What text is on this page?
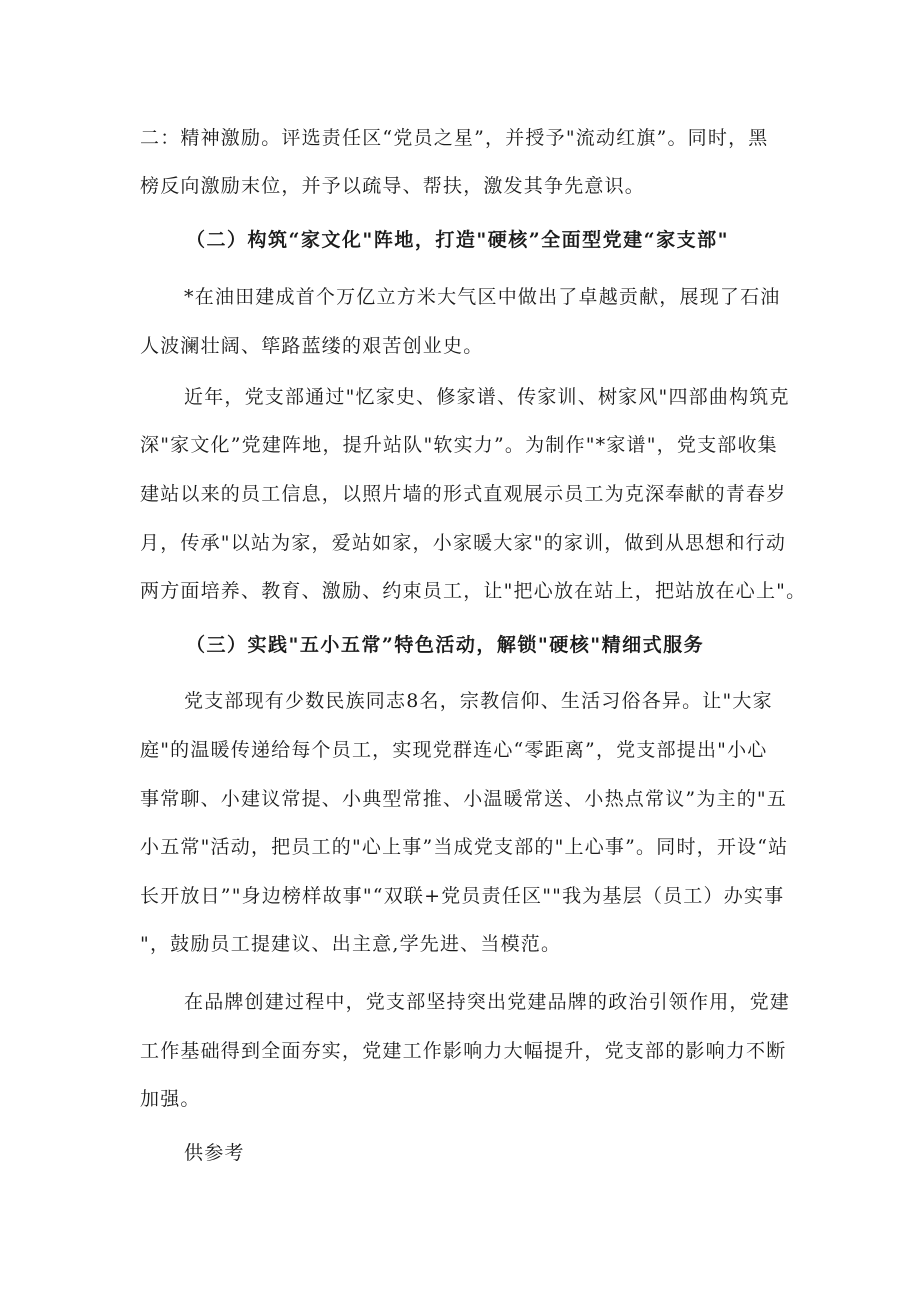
二：精神激励。评选责任区“党员之星”，并授予"流动红旗”。同时，黑
榜反向激励末位，并予以疏导、帮扶，激发其争先意识。
（二）构筑“家文化"阵地，打造"硬核”全面型党建“家支部"
*在油田建成首个万亿立方米大气区中做出了卓越贡献，展现了石油
人波澜壮阔、筚路蓝缕的艰苦创业史。
近年，党支部通过"忆家史、修家谱、传家训、树家风"四部曲构筑克
深"家文化”党建阵地，提升站队"软实力”。为制作"*家谱"，党支部收集
建站以来的员工信息，以照片墙的形式直观展示员工为克深奉献的青春岁
月，传承"以站为家，爱站如家，小家暖大家"的家训，做到从思想和行动
两方面培养、教育、激励、约束员工，让"把心放在站上，把站放在心上"。
（三）实践"五小五常”特色活动，解锁"硬核"精细式服务
党支部现有少数民族同志8名，宗教信仰、生活习俗各异。让"大家
庭"的温暖传递给每个员工，实现党群连心“零距离”，党支部提出"小心
事常聊、小建议常提、小典型常推、小温暖常送、小热点常议”为主的"五
小五常"活动，把员工的"心上事”当成党支部的"上心事”。同时，开设“站
长开放日”"身边榜样故事"“双联+党员责任区""我为基层（员工）办实事
"，鼓励员工提建议、出主意,学先进、当模范。
在品牌创建过程中，党支部坚持突出党建品牌的政治引领作用，党建
工作基础得到全面夯实，党建工作影响力大幅提升，党支部的影响力不断
加强。
供参考
